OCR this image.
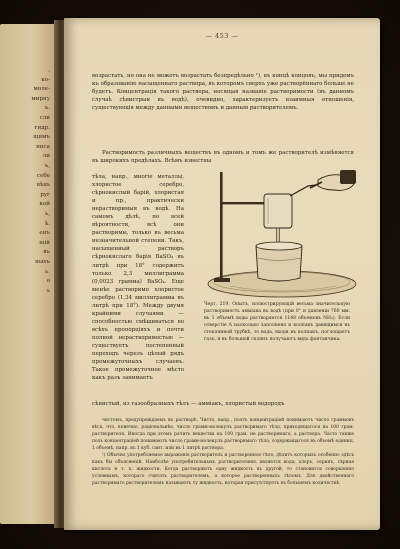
,
ко-
моле-
мирну
ъ.
сли
гидр.
щимъ
ниса
ли
ъ,
себе
вѣнь
руг
кой
ь,
ѣ.
енъ
щій
въ
ныхъ
ь.
о
ъ
— 453 —

возрастать, но она не можетъ возрастать безпредѣльно ¹), въ концѣ концовъ, мы придемъ къ образованію насыщеннаго раствора, въ которомъ сверхъ уже растворённаго больше не будетъ. Концентрація такого раствора, носящая названіе растворимости (въ данномъ случаѣ сѣвистрыи въ водѣ), очевидно, характеризуетъ взаимныя отношенія, существующія между данными веществомъ и данным растворителемъ.

Растворимость различныхъ веществъ въ одномъ и томъ же растворителѣ измѣняется въ широкихъ предѣлахъ. Всѣмъ известны

тѣла, напр., многіе металлы, хлористое серебро, сѣрнокислый барій, хлористая и пр., практически нерастворимыя въ водѣ. На самомъ дѣлѣ, по всей вѣроятности, всѣ они растворимы, только въ весьма незначительной степени. Такъ, насыщенный растворъ сѣрнокислаго барія BaSO₄ въ литрѣ при 18° содержитъ только 2,3 миллиграмма (0,0023 грамма) BaSO₄. Еще менѣе растворимо хлористое серебро (1,34 миллиграмма въ литрѣ при 18°). Между двумя крайними случаями — способностью смѣшиваться во всѣхъ пропорціяхъ и почти полной нерастворимостью — существуетъ постепенный переходъ черезъ цѣлый рядъ промежуточныхъ случаевъ. Такое промежуточное мѣсто какъ разъ занимаетъ

Черт. 219. Опытъ, иллюстрирующій весьма значительную растворимость амміака въ водѣ (при 0° и давленіи 760 мм. въ 1 объемѣ воды растворяется 1148 объемовъ NH₃). Если отверстіе A насколько заполнено и колпакъ давящимся въ стеклянной трубкѣ, то вода, входя въ колпакъ, поглощаетъ газъ, и въ большой склянъ получаютъ видъ фонтанчика.

сѣнистый, из газообразныхъ тѣлъ — амміакъ, хлористый водородъ

чистомъ, предупреждаемъ въ растворѣ. Чисто, напр., поэтъ концентраціей понимаютъ число граммовъ вѣса, что, конечно, раціональнѣе, число грамм-молекулъ растворимаго тѣла, приходящагося на 100 грам. растворителя. Иногда при этомъ рачить вещества на 100 грам. не растворимаго, а раствора. Часто также поль концентраціей понимаютъ число грамм-молекулъ растворимаго тѣла, содержащагося въ объемѣ единиц. 1 объемѣ, напр. въ 1 куб. сант. или въ 1 литрѣ раствора.

¹) Обычно употребляемое выраженіе растворитель и растворенное тѣло, дѣлитъ которыхъ особенно здѣсь какъ бы объясненій. Наиболѣе употребительныхъ растворителемъ является вода; хлоръ, серинъ, сѣрная кислота и т. п. жидкости. Когда растворяютъ одну жидкость въ другой, то становится совершенно условнымъ, котораго считать растворителемъ, а которое растворенныхъ тѣломъ. Для двойственнаго растворимаго растворителемъ называютъ ту жидкость, которая присутствуетъ въ большемъ количествѣ.
